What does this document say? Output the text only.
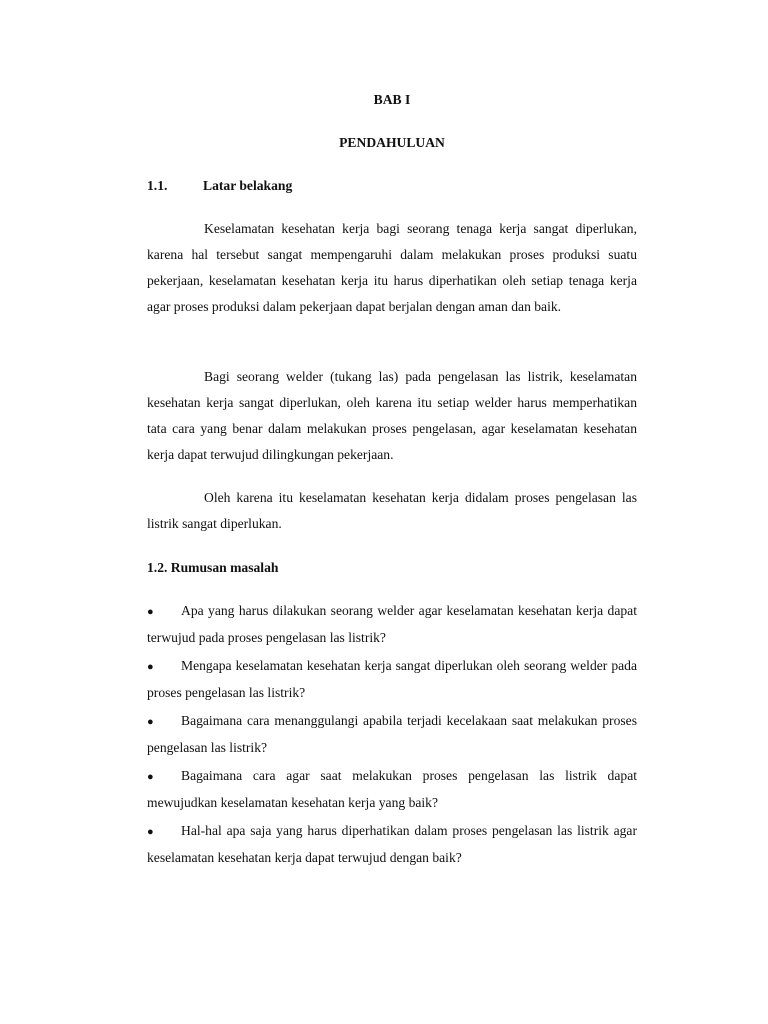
BAB I

PENDAHULUAN

1.1.	Latar belakang

Keselamatan kesehatan kerja bagi seorang tenaga kerja sangat diperlukan, karena hal tersebut sangat mempengaruhi dalam melakukan proses produksi suatu pekerjaan, keselamatan kesehatan kerja itu harus diperhatikan oleh setiap tenaga kerja agar proses produksi dalam pekerjaan dapat berjalan dengan aman dan baik.

Bagi seorang welder (tukang las) pada pengelasan las listrik, keselamatan kesehatan kerja sangat diperlukan, oleh karena itu setiap welder harus memperhatikan tata cara yang benar dalam melakukan proses pengelasan, agar keselamatan kesehatan kerja dapat terwujud dilingkungan pekerjaan.

Oleh karena itu keselamatan kesehatan kerja didalam proses pengelasan las listrik sangat diperlukan.

1.2. Rumusan masalah

● Apa yang harus dilakukan seorang welder agar keselamatan kesehatan kerja dapat terwujud pada proses pengelasan las listrik?

● Mengapa keselamatan kesehatan kerja sangat diperlukan oleh seorang welder pada proses pengelasan las listrik?

● Bagaimana cara menanggulangi apabila terjadi kecelakaan saat melakukan proses pengelasan las listrik?

● Bagaimana cara agar saat melakukan proses pengelasan las listrik dapat mewujudkan keselamatan kesehatan kerja yang baik?

● Hal-hal apa saja yang harus diperhatikan dalam proses pengelasan las listrik agar keselamatan kesehatan kerja dapat terwujud dengan baik?
